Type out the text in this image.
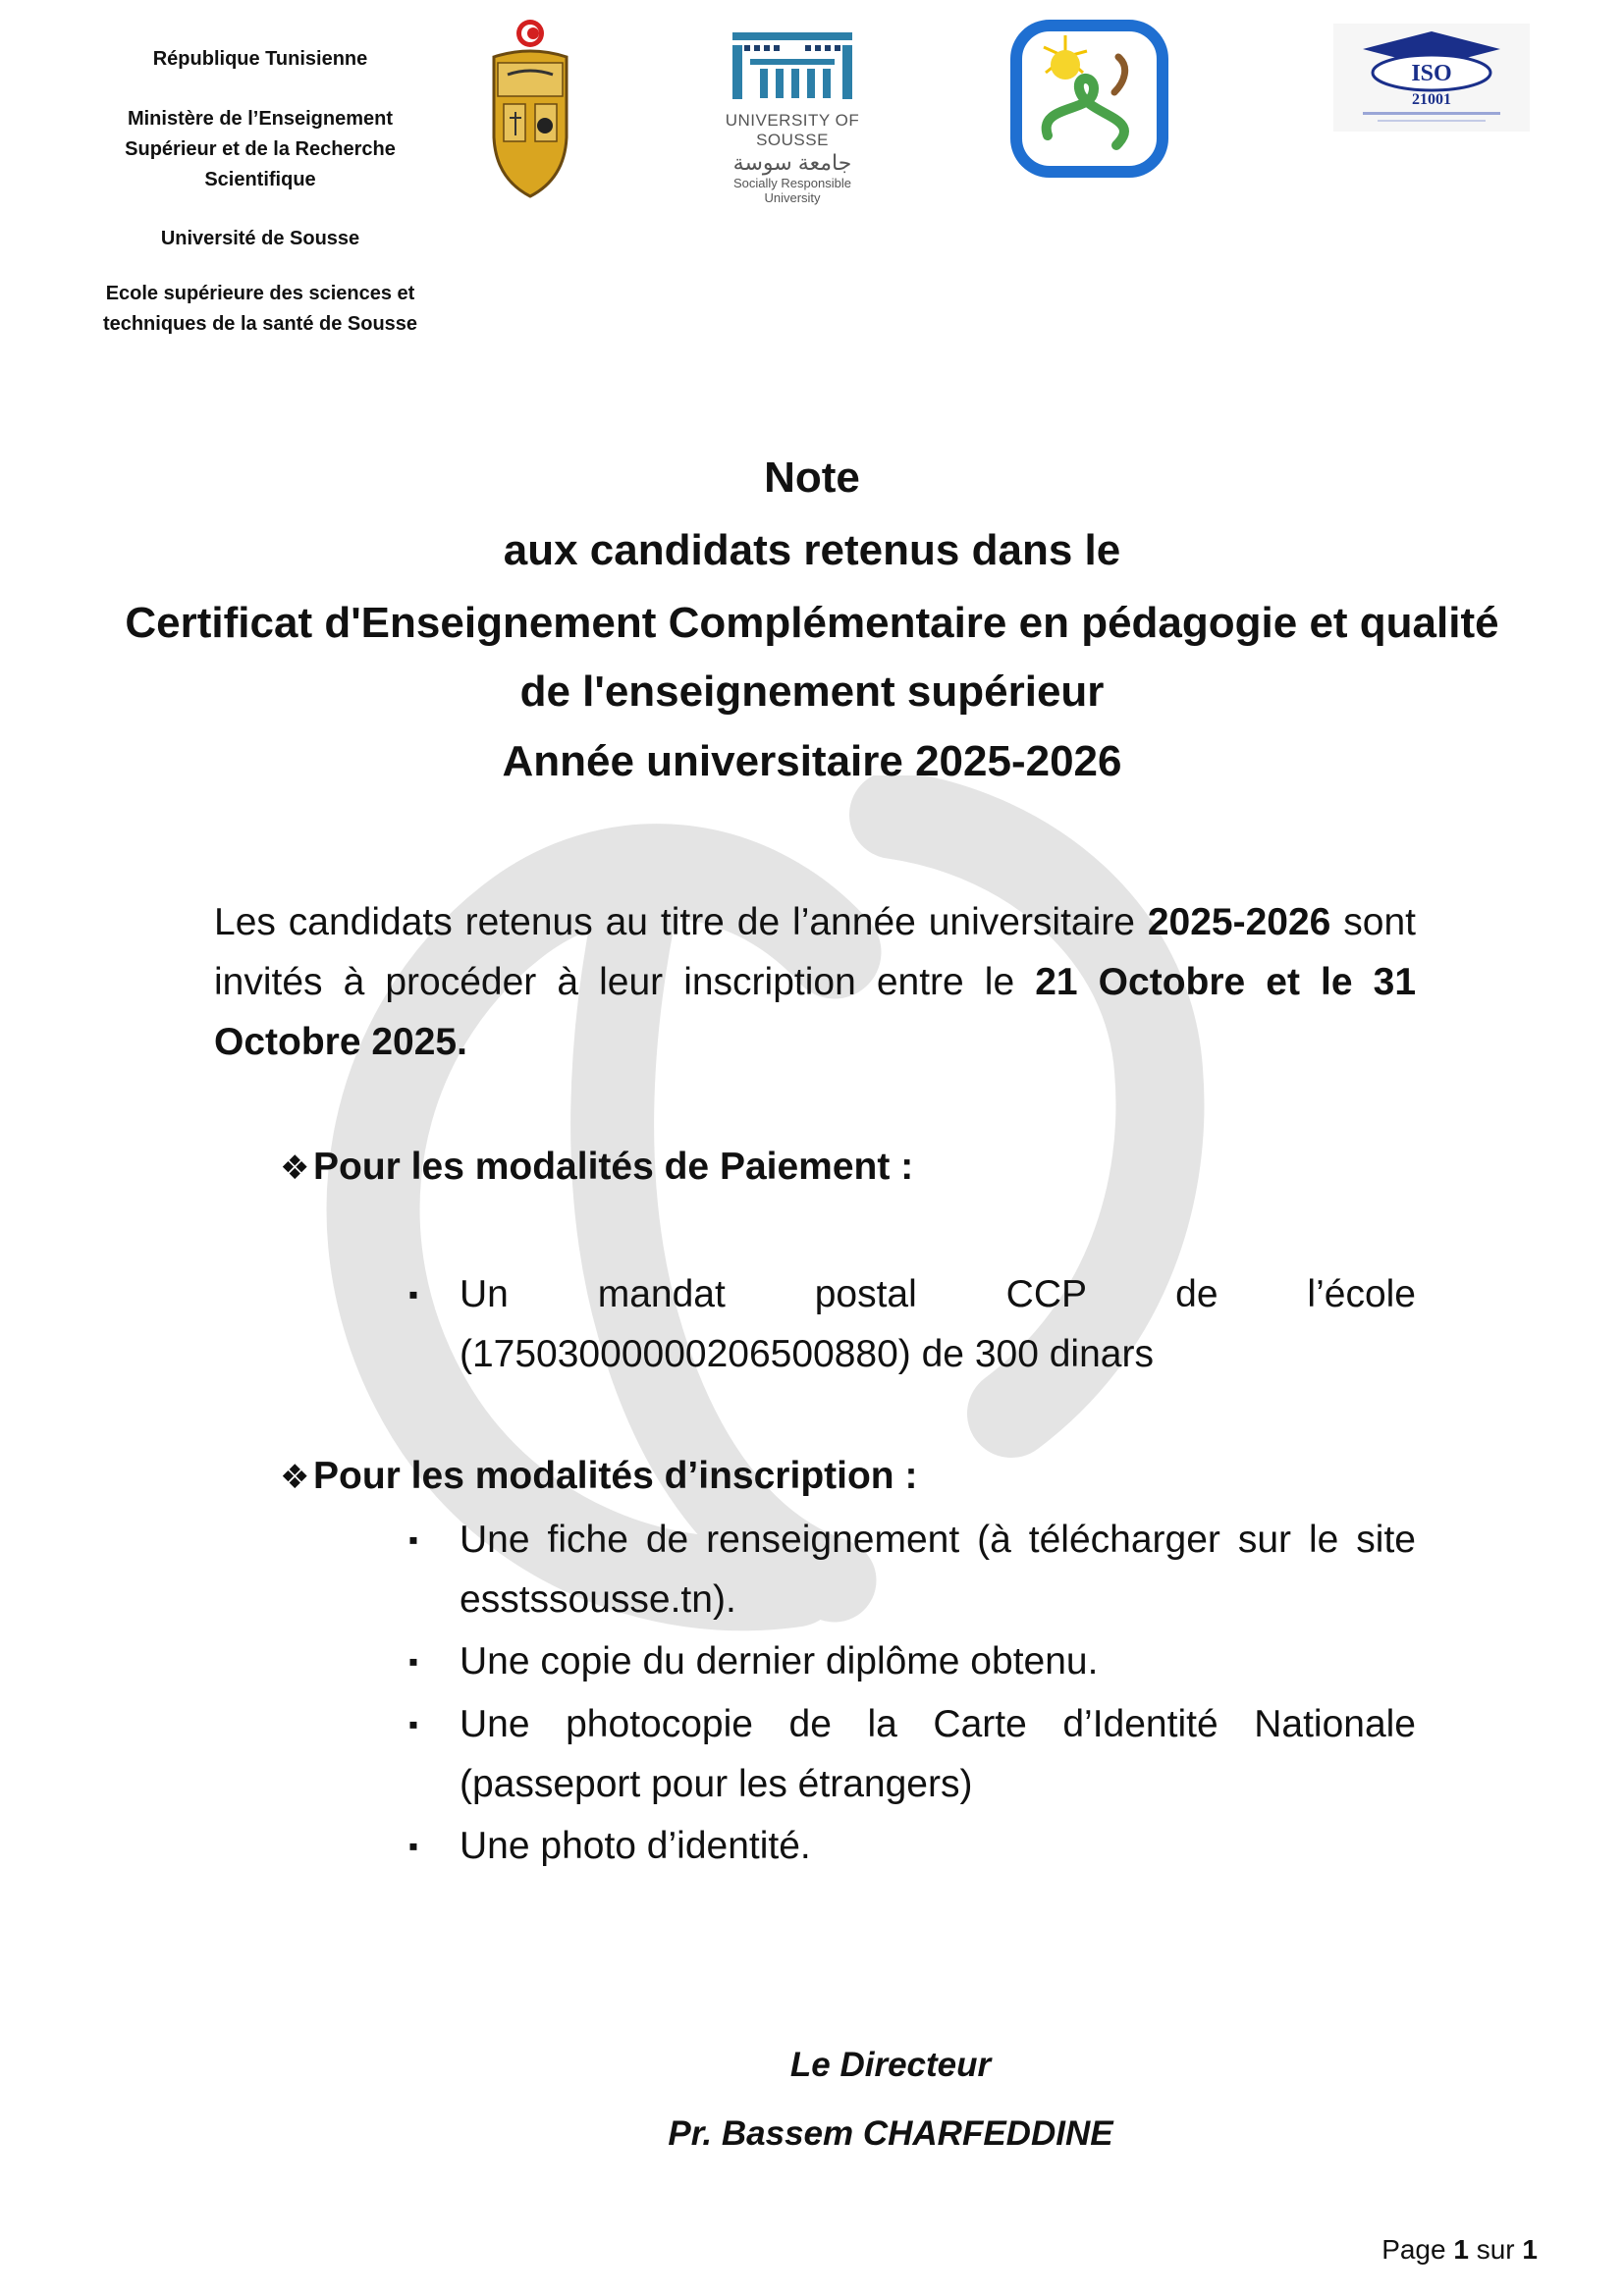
République Tunisienne
Ministère de l’Enseignement
Supérieur et de la Recherche
Scientifique
Université de Sousse
Ecole supérieure des sciences et
techniques de la santé de Sousse
UNIVERSITY OF SOUSSE
جامعة سوسة
Socially Responsible University
ISO
21001
Note
aux candidats retenus dans le
Certificat d'Enseignement Complémentaire en pédagogie et qualité
de l'enseignement supérieur
Année universitaire 2025-2026
Les candidats retenus au titre de l’année universitaire 2025-2026 sont invités à procéder à leur inscription entre le 21 Octobre et le 31 Octobre 2025.
❖Pour les modalités de Paiement :
▪ Un mandat postal CCP de l’école
(17503000000206500880) de 300 dinars
❖Pour les modalités d’inscription :
▪ Une fiche de renseignement (à télécharger sur le site
esstssousse.tn).
▪ Une copie du dernier diplôme obtenu.
▪ Une photocopie de la Carte d’Identité Nationale
(passeport pour les étrangers)
▪ Une photo d’identité.
Le Directeur
Pr. Bassem CHARFEDDINE
Page 1 sur 1
